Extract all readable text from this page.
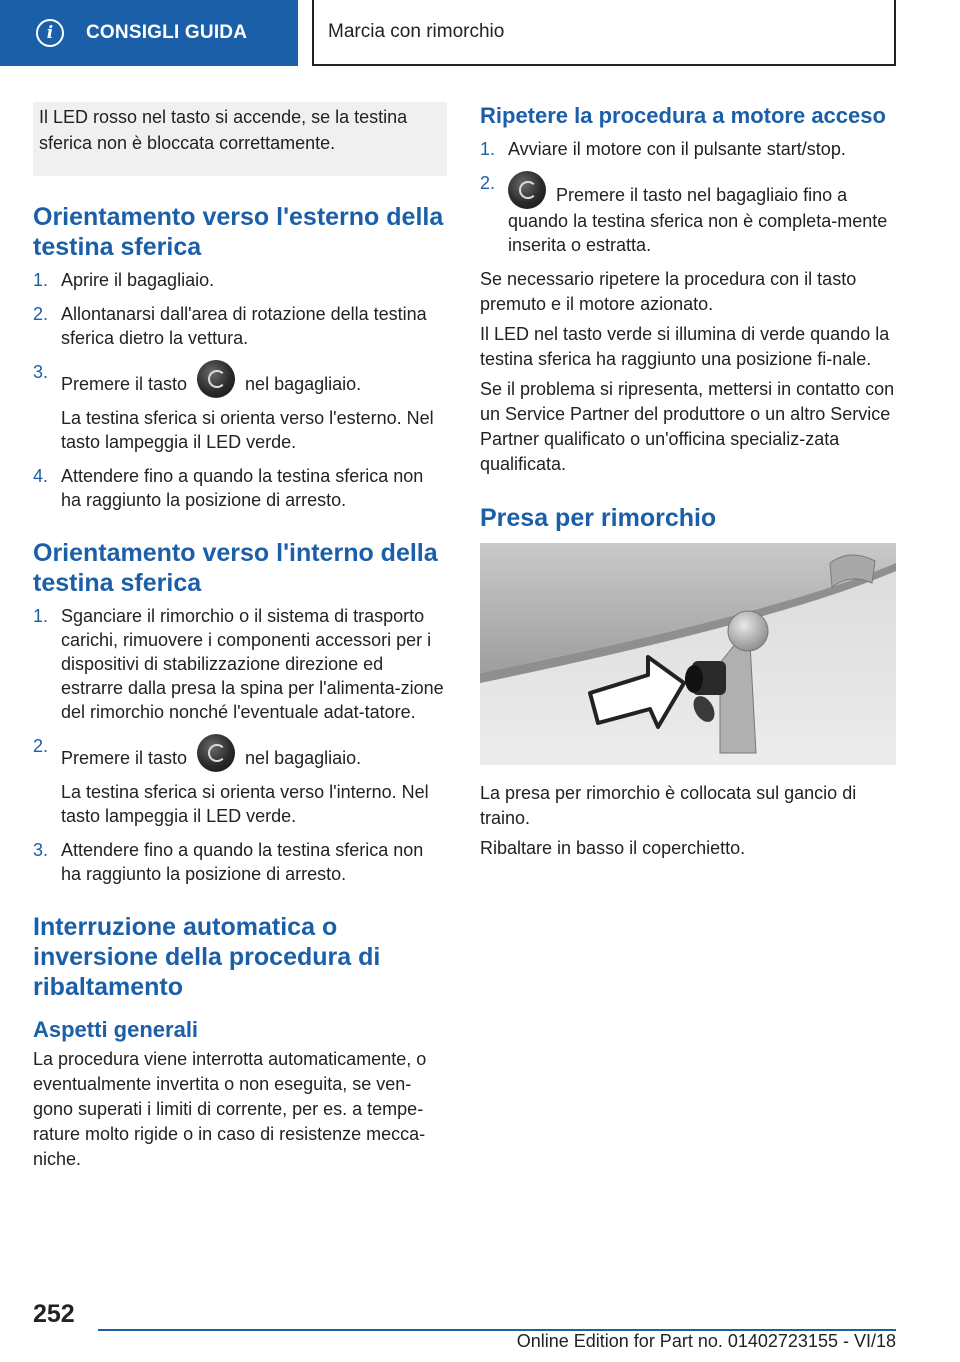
i	CONSIGLI GUIDA	Marcia con rimorchio
Il LED rosso nel tasto si accende, se la testina sferica non è bloccata correttamente.
Orientamento verso l'esterno della testina sferica
1. Aprire il bagagliaio.
2. Allontanarsi dall'area di rotazione della testina sferica dietro la vettura.
3.

Premere il tasto	nel bagagliaio.

La testina sferica si orienta verso l'esterno. Nel tasto lampeggia il LED verde.

4. Attendere fino a quando la testina sferica non ha raggiunto la posizione di arresto.
Orientamento verso l'interno della testina sferica
1. Sganciare il rimorchio o il sistema di trasporto carichi, rimuovere i componenti accessori per i dispositivi di stabilizzazione direzione ed estrarre dalla presa la spina per l'alimenta-zione del rimorchio nonché l'eventuale adat-tatore.
2.

Premere il tasto	nel bagagliaio.

La testina sferica si orienta verso l'interno. Nel tasto lampeggia il LED verde.

3. Attendere fino a quando la testina sferica non ha raggiunto la posizione di arresto.
Interruzione automatica o inversione della procedura di ribaltamento
Aspetti generali

La procedura viene interrotta automaticamente, o eventualmente invertita o non eseguita, se ven-gono superati i limiti di corrente, per es. a tempe-rature molto rigide o in caso di resistenze mecca-niche.

Ripetere la procedura a motore acceso
1. Avviare il motore con il pulsante start/stop.
2.
Premere il tasto nel bagagliaio fino a quando la testina sferica non è completa-mente inserita o estratta.

Se necessario ripetere la procedura con il tasto premuto e il motore azionato.

Il LED nel tasto verde si illumina di verde quando la testina sferica ha raggiunto una posizione fi-nale.

Se il problema si ripresenta, mettersi in contatto con un Service Partner del produttore o un altro Service Partner qualificato o un'officina specializ-zata qualificata.

Presa per rimorchio

La presa per rimorchio è collocata sul gancio di traino.

Ribaltare in basso il coperchietto.

252
Online Edition for Part no. 01402723155 - VI/18
